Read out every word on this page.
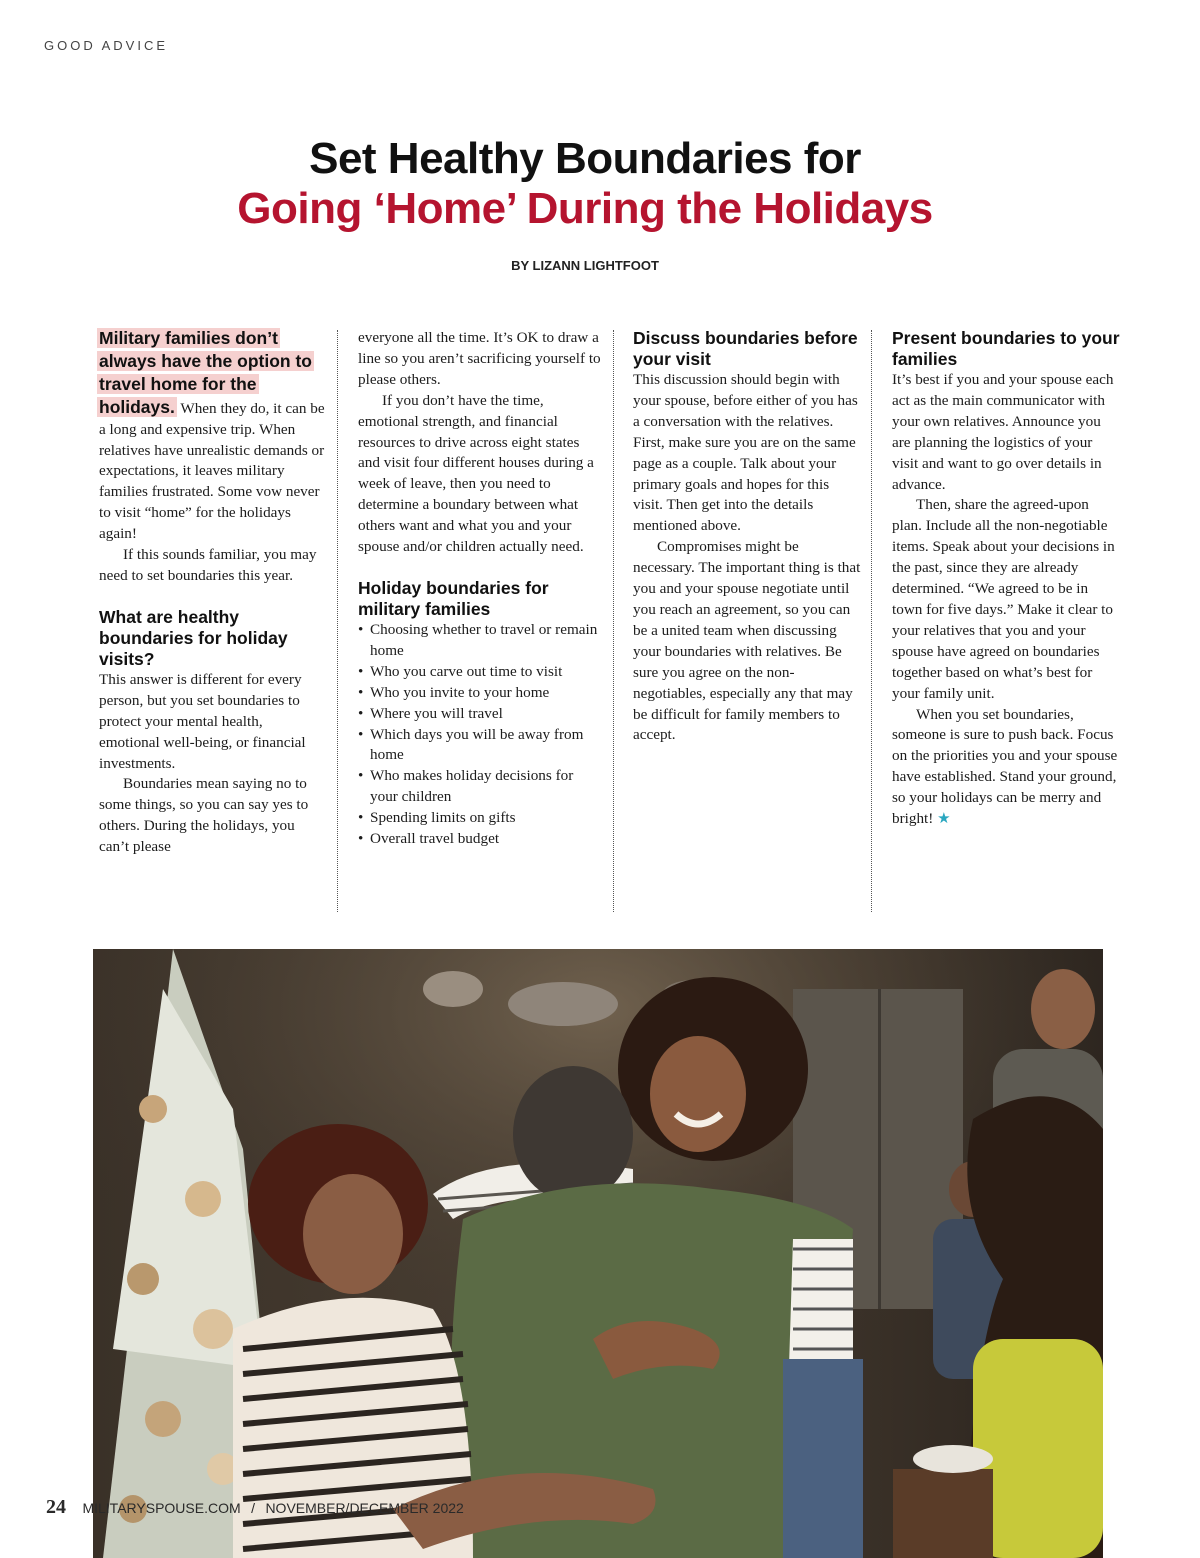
GOOD ADVICE
Set Healthy Boundaries for
Going ‘Home’ During the Holidays
BY LIZANN LIGHTFOOT

Military families don’t always have the option to travel home for the holidays. When they do, it can be a long and expensive trip. When relatives have unrealistic demands or expectations, it leaves military families frustrated. Some vow never to visit “home” for the holidays again!

If this sounds familiar, you may need to set boundaries this year.

What are healthy boundaries for holiday visits?

This answer is different for every person, but you set boundaries to protect your mental health, emotional well-being, or financial investments.

Boundaries mean saying no to some things, so you can say yes to others. During the holidays, you can’t please

everyone all the time. It’s OK to draw a line so you aren’t sacrificing yourself to please others.

If you don’t have the time, emotional strength, and financial resources to drive across eight states and visit four different houses during a week of leave, then you need to determine a boundary between what others want and what you and your spouse and/or children actually need.

Holiday boundaries for military families
• Choosing whether to travel or remain home
• Who you carve out time to visit
• Who you invite to your home
• Where you will travel
• Which days you will be away from home
• Who makes holiday decisions for your children
• Spending limits on gifts
• Overall travel budget
Discuss boundaries before your visit

This discussion should begin with your spouse, before either of you has a conversation with the relatives. First, make sure you are on the same page as a couple. Talk about your primary goals and hopes for this visit. Then get into the details mentioned above.

Compromises might be necessary. The important thing is that you and your spouse negotiate until you reach an agreement, so you can be a united team when discussing your boundaries with relatives. Be sure you agree on the non-negotiables, especially any that may be difficult for family members to accept.

Present boundaries to your families

It’s best if you and your spouse each act as the main communicator with your own relatives. Announce you are planning the logistics of your visit and want to go over details in advance.

Then, share the agreed-upon plan. Include all the non-negotiable items. Speak about your decisions in the past, since they are already determined. “We agreed to be in town for five days.” Make it clear to your relatives that you and your spouse have agreed on boundaries together based on what’s best for your family unit.

When you set boundaries, someone is sure to push back. Focus on the priorities you and your spouse have established. Stand your ground, so your holidays can be merry and bright! ★

24 MILITARYSPOUSE.COM / NOVEMBER/DECEMBER 2022
